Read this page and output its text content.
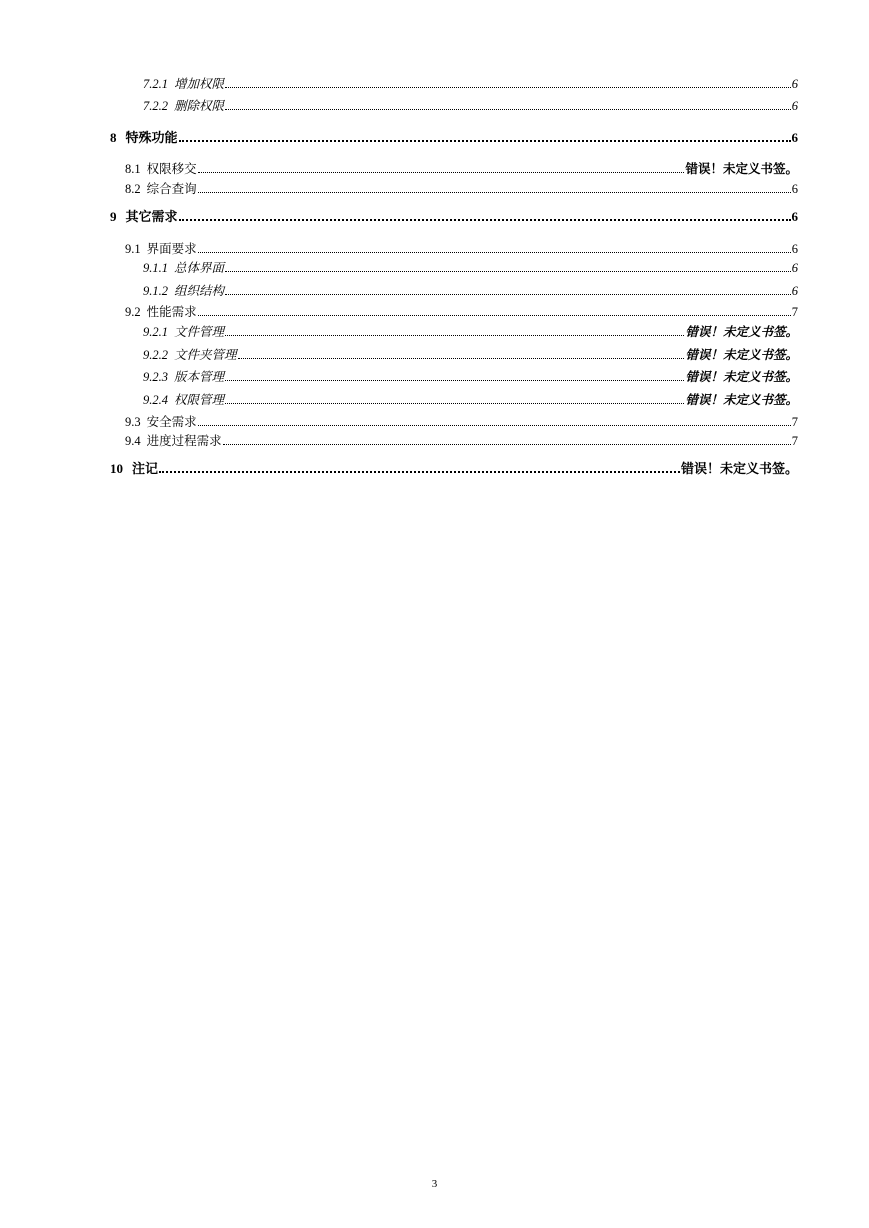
7.2.1 增加权限	6
7.2.2 删除权限	6
8 特殊功能	6
8.1 权限移交	错误！未定义书签。
8.2 综合查询	6
9 其它需求	6
9.1 界面要求	6
9.1.1 总体界面	6
9.1.2 组织结构	6
9.2 性能需求	7
9.2.1 文件管理	错误！未定义书签。
9.2.2 文件夹管理	错误！未定义书签。
9.2.3 版本管理	错误！未定义书签。
9.2.4 权限管理	错误！未定义书签。
9.3 安全需求	7
9.4 进度过程需求	7
10 注记	错误！未定义书签。
3
